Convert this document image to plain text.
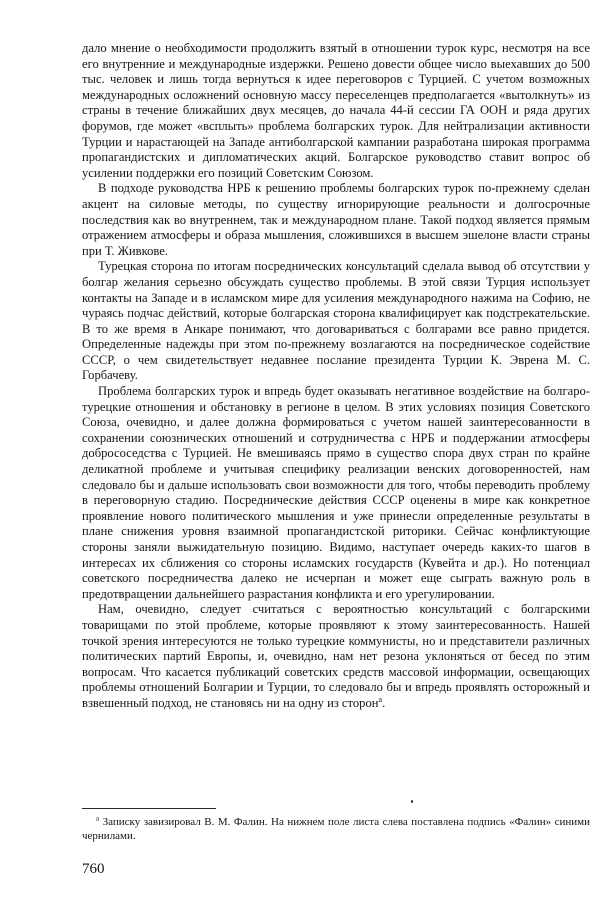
дало мнение о необходимости продолжить взятый в отношении турок курс, несмотря на все его внутренние и международные издержки. Решено довести общее число выехавших до 500 тыс. человек и лишь тогда вернуться к идее переговоров с Турцией. С учетом возможных международных осложнений основную массу переселенцев предполагается «вытолкнуть» из страны в течение ближайших двух месяцев, до начала 44-й сессии ГА ООН и ряда других форумов, где может «всплыть» проблема болгарских турок. Для нейтрализации активности Турции и нарастающей на Западе антиболгарской кампании разработана широкая программа пропагандистских и дипломатических акций. Болгарское руководство ставит вопрос об усилении поддержки его позиций Советским Союзом.

В подходе руководства НРБ к решению проблемы болгарских турок по-прежнему сделан акцент на силовые методы, по существу игнорирующие реальности и долгосрочные последствия как во внутреннем, так и международном плане. Такой подход является прямым отражением атмосферы и образа мышления, сложившихся в высшем эшелоне власти страны при Т. Живкове.

Турецкая сторона по итогам посреднических консультаций сделала вывод об отсутствии у болгар желания серьезно обсуждать существо проблемы. В этой связи Турция использует контакты на Западе и в исламском мире для усиления международного нажима на Софию, не чураясь подчас действий, которые болгарская сторона квалифицирует как подстрекательские. В то же время в Анкаре понимают, что договариваться с болгарами все равно придется. Определенные надежды при этом по-прежнему возлагаются на посредническое содействие СССР, о чем свидетельствует недавнее послание президента Турции К. Эврена М. С. Горбачеву.

Проблема болгарских турок и впредь будет оказывать негативное воздействие на болгаро-турецкие отношения и обстановку в регионе в целом. В этих условиях позиция Советского Союза, очевидно, и далее должна формироваться с учетом нашей заинтересованности в сохранении союзнических отношений и сотрудничества с НРБ и поддержании атмосферы добрососедства с Турцией. Не вмешиваясь прямо в существо спора двух стран по крайне деликатной проблеме и учитывая специфику реализации венских договоренностей, нам следовало бы и дальше использовать свои возможности для того, чтобы переводить проблему в переговорную стадию. Посреднические действия СССР оценены в мире как конкретное проявление нового политического мышления и уже принесли определенные результаты в плане снижения уровня взаимной пропагандистской риторики. Сейчас конфликтующие стороны заняли выжидательную позицию. Видимо, наступает очередь каких-то шагов в интересах их сближения со стороны исламских государств (Кувейта и др.). Но потенциал советского посредничества далеко не исчерпан и может еще сыграть важную роль в предотвращении дальнейшего разрастания конфликта и его урегулировании.

Нам, очевидно, следует считаться с вероятностью консультаций с болгарскими товарищами по этой проблеме, которые проявляют к этому заинтересованность. Нашей точкой зрения интересуются не только турецкие коммунисты, но и представители различных политических партий Европы, и, очевидно, нам нет резона уклоняться от бесед по этим вопросам. Что касается публикаций советских средств массовой информации, освещающих проблемы отношений Болгарии и Турции, то следовало бы и впредь проявлять осторожный и взвешенный подход, не становясь ни на одну из сторон$^а$.

$^а$ Записку завизировал В. М. Фалин. На нижнем поле листа слева поставлена подпись «Фалин» синими чернилами.
760
